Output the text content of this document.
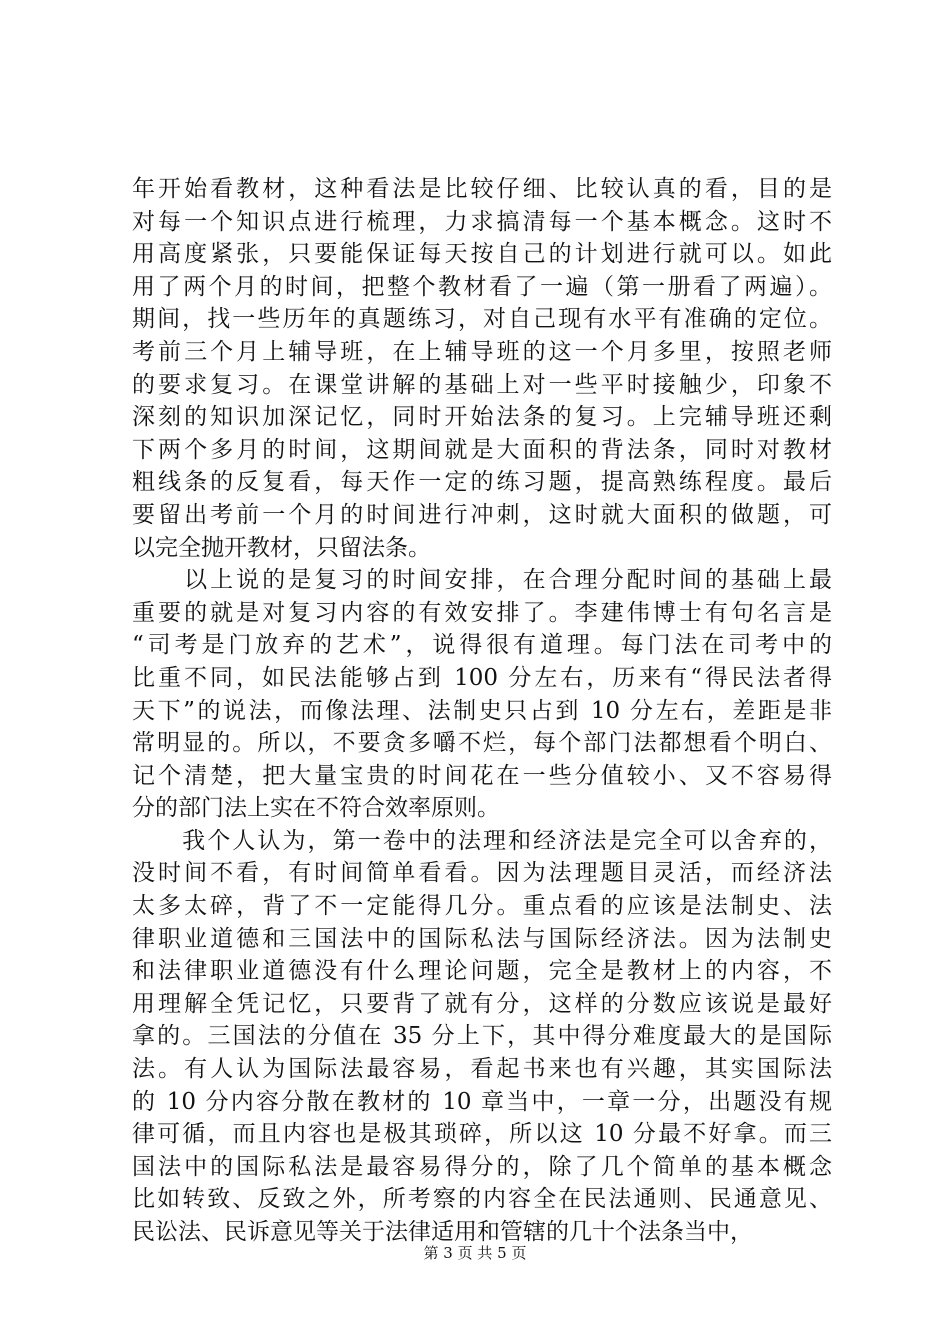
年开始看教材，这种看法是比较仔细、比较认真的看，目的是
对每一个知识点进行梳理，力求搞清每一个基本概念。这时不
用高度紧张，只要能保证每天按自己的计划进行就可以。如此
用了两个月的时间，把整个教材看了一遍（第一册看了两遍）。
期间，找一些历年的真题练习，对自己现有水平有准确的定位。
考前三个月上辅导班，在上辅导班的这一个月多里，按照老师
的要求复习。在课堂讲解的基础上对一些平时接触少，印象不
深刻的知识加深记忆，同时开始法条的复习。上完辅导班还剩
下两个多月的时间，这期间就是大面积的背法条，同时对教材
粗线条的反复看，每天作一定的练习题，提高熟练程度。最后
要留出考前一个月的时间进行冲刺，这时就大面积的做题，可
以完全抛开教材，只留法条。
　　以上说的是复习的时间安排，在合理分配时间的基础上最
重要的就是对复习内容的有效安排了。李建伟博士有句名言是
“司考是门放弃的艺术”，说得很有道理。每门法在司考中的
比重不同，如民法能够占到 100 分左右，历来有“得民法者得
天下”的说法，而像法理、法制史只占到 10 分左右，差距是非
常明显的。所以，不要贪多嚼不烂，每个部门法都想看个明白、
记个清楚，把大量宝贵的时间花在一些分值较小、又不容易得
分的部门法上实在不符合效率原则。
　　我个人认为，第一卷中的法理和经济法是完全可以舍弃的，
没时间不看，有时间简单看看。因为法理题目灵活，而经济法
太多太碎，背了不一定能得几分。重点看的应该是法制史、法
律职业道德和三国法中的国际私法与国际经济法。因为法制史
和法律职业道德没有什么理论问题，完全是教材上的内容，不
用理解全凭记忆，只要背了就有分，这样的分数应该说是最好
拿的。三国法的分值在 35 分上下，其中得分难度最大的是国际
法。有人认为国际法最容易，看起书来也有兴趣，其实国际法
的 10 分内容分散在教材的 10 章当中，一章一分，出题没有规
律可循，而且内容也是极其琐碎，所以这 10 分最不好拿。而三
国法中的国际私法是最容易得分的，除了几个简单的基本概念
比如转致、反致之外，所考察的内容全在民法通则、民通意见、
民讼法、民诉意见等关于法律适用和管辖的几十个法条当中，
第 3 页 共 5 页
